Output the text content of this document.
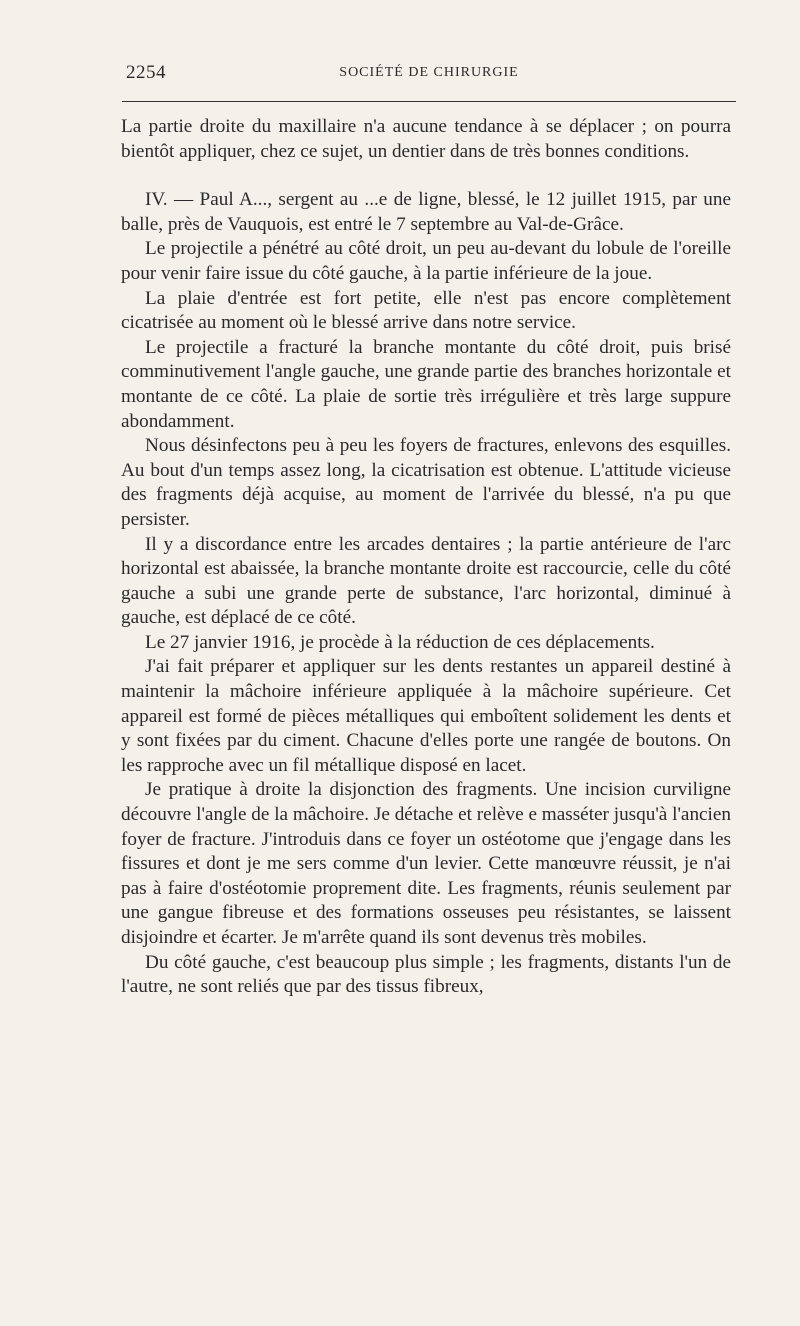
2254	SOCIÉTÉ DE CHIRURGIE

La partie droite du maxillaire n'a aucune tendance à se déplacer ; on pourra bientôt appliquer, chez ce sujet, un dentier dans de très bonnes conditions.

IV. — Paul A..., sergent au ...e de ligne, blessé, le 12 juillet 1915, par une balle, près de Vauquois, est entré le 7 septembre au Val-de-Grâce.

Le projectile a pénétré au côté droit, un peu au-devant du lobule de l'oreille pour venir faire issue du côté gauche, à la partie inférieure de la joue.

La plaie d'entrée est fort petite, elle n'est pas encore complètement cicatrisée au moment où le blessé arrive dans notre service.

Le projectile a fracturé la branche montante du côté droit, puis brisé comminutivement l'angle gauche, une grande partie des branches horizontale et montante de ce côté. La plaie de sortie très irrégulière et très large suppure abondamment.

Nous désinfectons peu à peu les foyers de fractures, enlevons des esquilles. Au bout d'un temps assez long, la cicatrisation est obtenue. L'attitude vicieuse des fragments déjà acquise, au moment de l'arrivée du blessé, n'a pu que persister.

Il y a discordance entre les arcades dentaires ; la partie antérieure de l'arc horizontal est abaissée, la branche montante droite est raccourcie, celle du côté gauche a subi une grande perte de substance, l'arc horizontal, diminué à gauche, est déplacé de ce côté.

Le 27 janvier 1916, je procède à la réduction de ces déplacements.

J'ai fait préparer et appliquer sur les dents restantes un appareil destiné à maintenir la mâchoire inférieure appliquée à la mâchoire supérieure. Cet appareil est formé de pièces métalliques qui emboîtent solidement les dents et y sont fixées par du ciment. Chacune d'elles porte une rangée de boutons. On les rapproche avec un fil métallique disposé en lacet.

Je pratique à droite la disjonction des fragments. Une incision curviligne découvre l'angle de la mâchoire. Je détache et relève e masséter jusqu'à l'ancien foyer de fracture. J'introduis dans ce foyer un ostéotome que j'engage dans les fissures et dont je me sers comme d'un levier. Cette manœuvre réussit, je n'ai pas à faire d'ostéotomie proprement dite. Les fragments, réunis seulement par une gangue fibreuse et des formations osseuses peu résistantes, se laissent disjoindre et écarter. Je m'arrête quand ils sont devenus très mobiles.

Du côté gauche, c'est beaucoup plus simple ; les fragments, distants l'un de l'autre, ne sont reliés que par des tissus fibreux,
